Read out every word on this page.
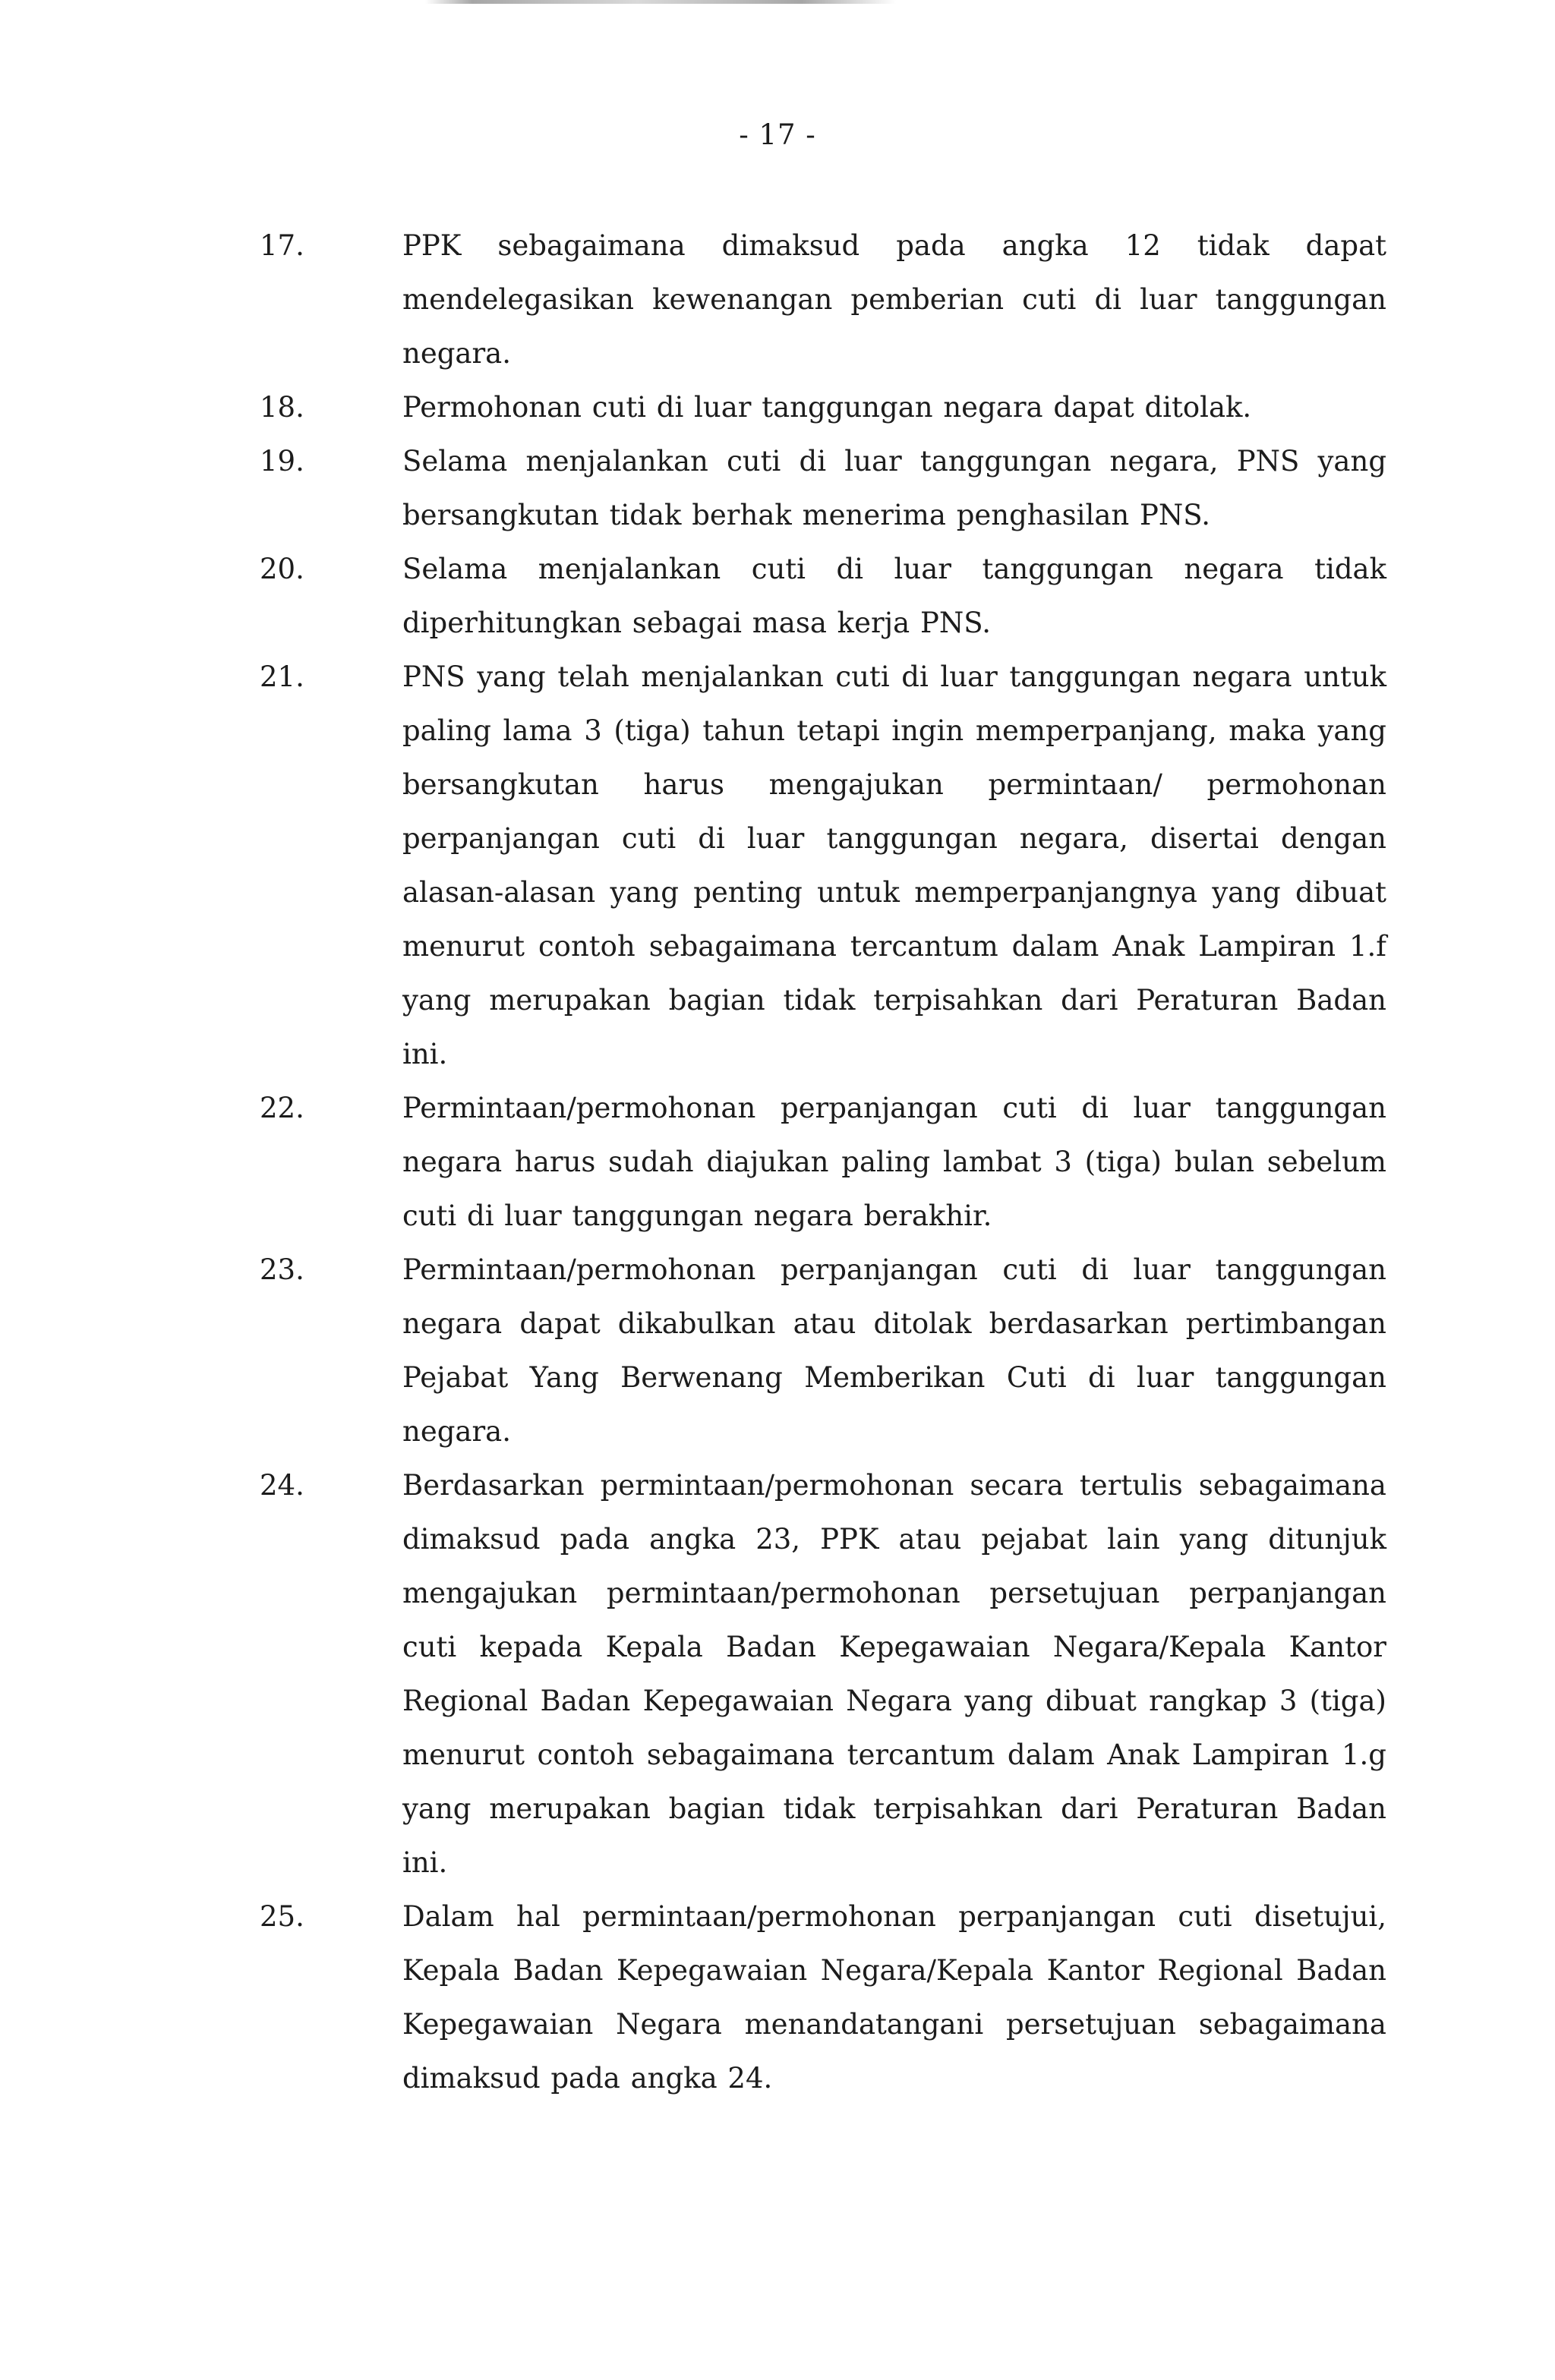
- 17 -
17.	PPK sebagaimana dimaksud pada angka 12 tidak dapat mendelegasikan kewenangan pemberian cuti di luar tanggungan negara.
18.	Permohonan cuti di luar tanggungan negara dapat ditolak.
19.	Selama menjalankan cuti di luar tanggungan negara, PNS yang bersangkutan tidak berhak menerima penghasilan PNS.
20.	Selama menjalankan cuti di luar tanggungan negara tidak diperhitungkan sebagai masa kerja PNS.
21.	PNS yang telah menjalankan cuti di luar tanggungan negara untuk paling lama 3 (tiga) tahun tetapi ingin memperpanjang, maka yang bersangkutan harus mengajukan permintaan/ permohonan perpanjangan cuti di luar tanggungan negara, disertai dengan alasan-alasan yang penting untuk memperpanjangnya yang dibuat menurut contoh sebagaimana tercantum dalam Anak Lampiran 1.f yang merupakan bagian tidak terpisahkan dari Peraturan Badan ini.
22.	Permintaan/permohonan perpanjangan cuti di luar tanggungan negara harus sudah diajukan paling lambat 3 (tiga) bulan sebelum cuti di luar tanggungan negara berakhir.
23.	Permintaan/permohonan perpanjangan cuti di luar tanggungan negara dapat dikabulkan atau ditolak berdasarkan pertimbangan Pejabat Yang Berwenang Memberikan Cuti di luar tanggungan negara.
24.	Berdasarkan permintaan/permohonan secara tertulis sebagaimana dimaksud pada angka 23, PPK atau pejabat lain yang ditunjuk mengajukan permintaan/permohonan persetujuan perpanjangan cuti kepada Kepala Badan Kepegawaian Negara/Kepala Kantor Regional Badan Kepegawaian Negara yang dibuat rangkap 3 (tiga) menurut contoh sebagaimana tercantum dalam Anak Lampiran 1.g yang merupakan bagian tidak terpisahkan dari Peraturan Badan ini.
25.	Dalam hal permintaan/permohonan perpanjangan cuti disetujui, Kepala Badan Kepegawaian Negara/Kepala Kantor Regional Badan Kepegawaian Negara menandatangani persetujuan sebagaimana dimaksud pada angka 24.
